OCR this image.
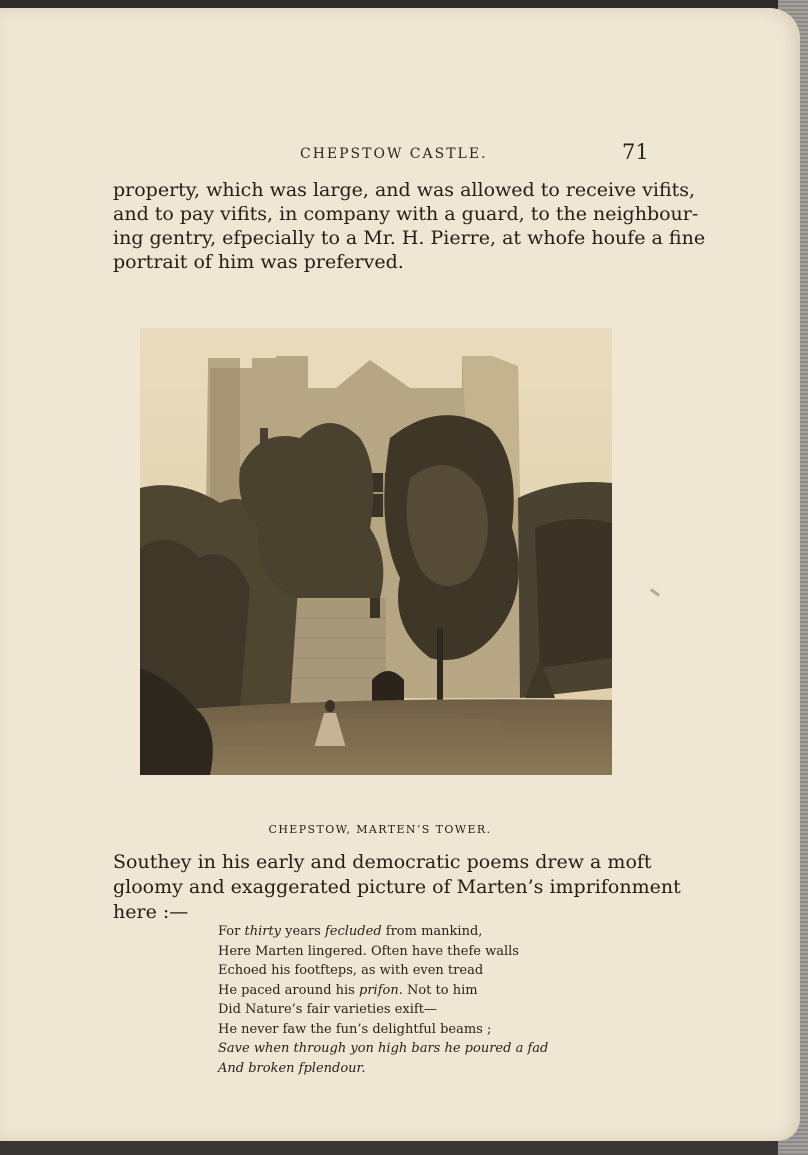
CHEPSTOW CASTLE.	71

property, which was large, and was allowed to receive vifits,
and to pay vifits, in company with a guard, to the neighbour-
ing gentry, efpecially to a Mr. H. Pierre, at whofe houfe a fine
portrait of him was preferved.

CHEPSTOW, MARTEN’S TOWER.
Southey in his early and democratic poems drew a moft
gloomy and exaggerated picture of Marten’s imprifonment
here :—
For thirty years fecluded from mankind,
Here Marten lingered. Often have thefe walls
Echoed his footfteps, as with even tread
He paced around his prifon. Not to him
Did Nature’s fair varieties exift—
He never faw the fun’s delightful beams ;
Save when through yon high bars he poured a fad
And broken fplendour.
